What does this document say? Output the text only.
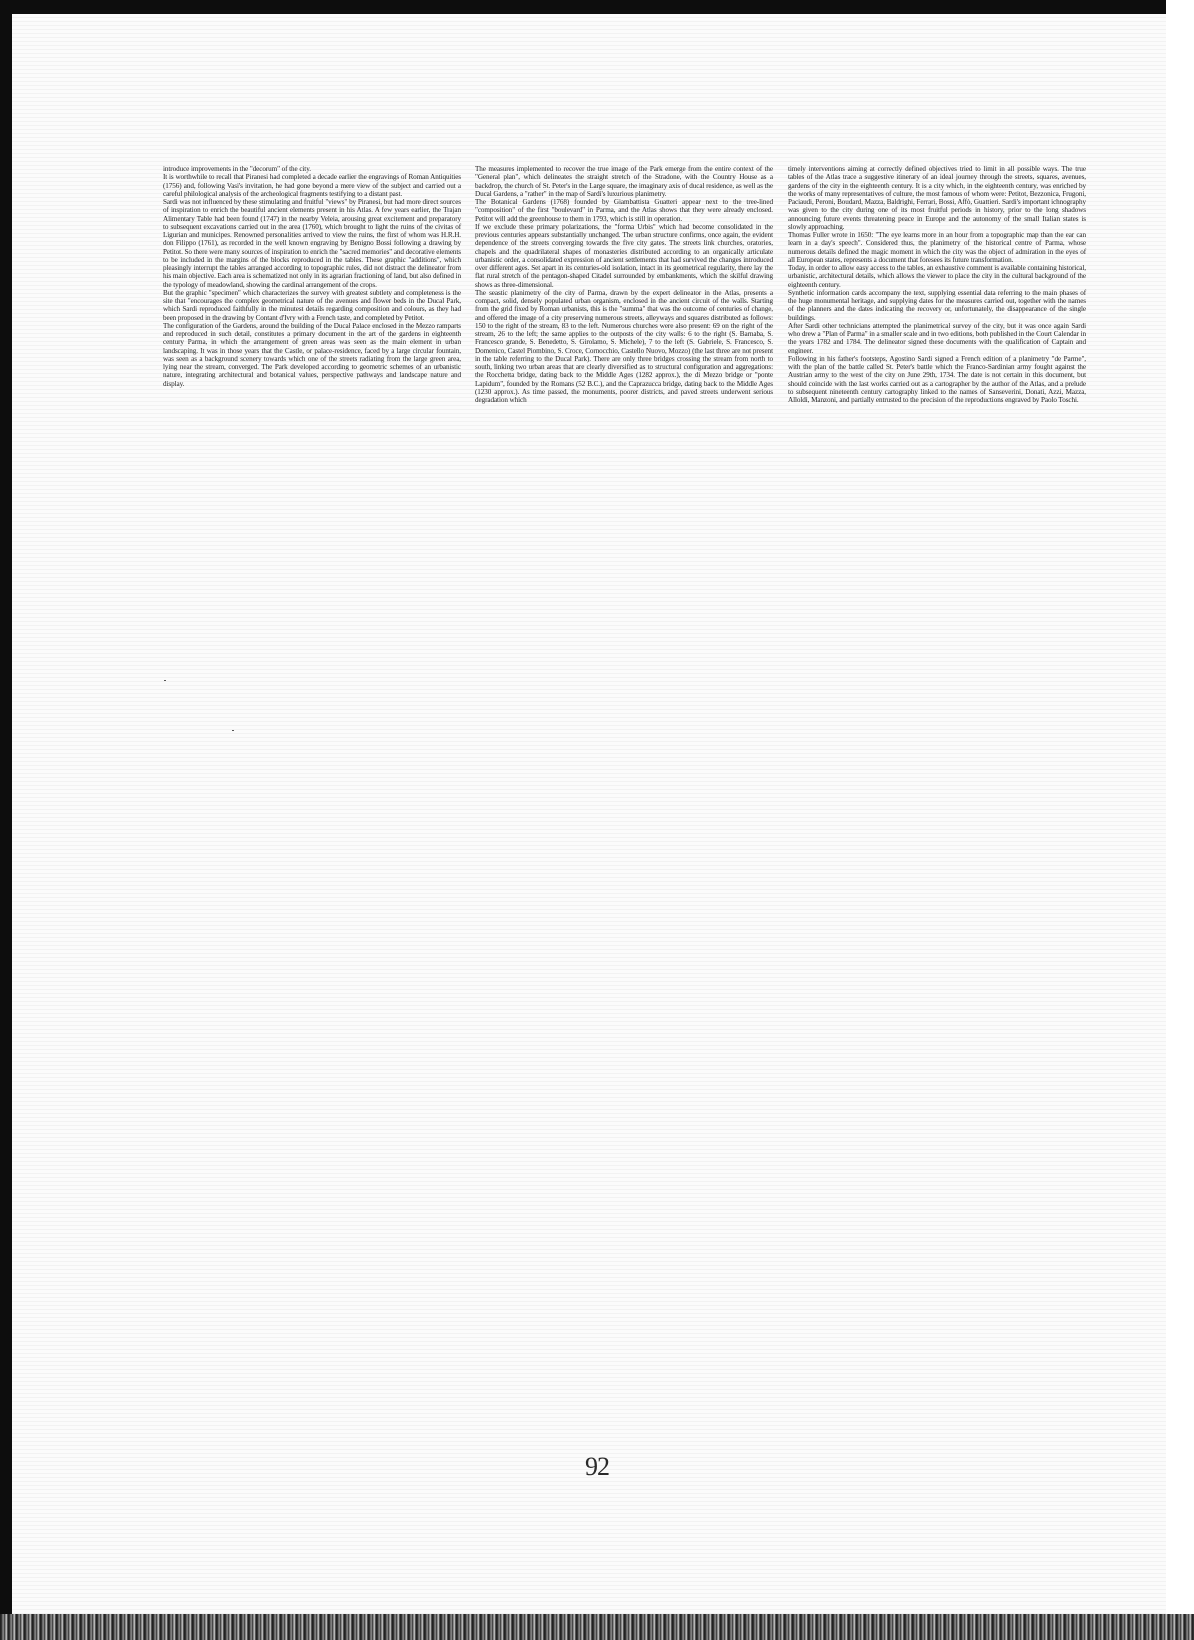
introduce improvements in the "decorum" of the city.

It is worthwhile to recall that Piranesi had completed a decade earlier the engravings of Roman Antiquities (1756) and, following Vasi's invitation, he had gone beyond a mere view of the subject and carried out a careful philological analysis of the archeological fragments testifying to a distant past.

Sardi was not influenced by these stimulating and fruitful "views" by Piranesi, but had more direct sources of inspiration to enrich the beautiful ancient elements present in his Atlas. A few years earlier, the Trajan Alimentary Table had been found (1747) in the nearby Veleia, arousing great excitement and preparatory to subsequent excavations carried out in the area (1760), which brought to light the ruins of the civitas of Ligurian and municipes. Renowned personalities arrived to view the ruins, the first of whom was H.R.H. don Filippo (1761), as recorded in the well known engraving by Benigno Bossi following a drawing by Petitot. So there were many sources of inspiration to enrich the "sacred memories" and decorative elements to be included in the margins of the blocks reproduced in the tables. These graphic "additions", which pleasingly interrupt the tables arranged according to topographic rules, did not distract the delineator from his main objective. Each area is schematized not only in its agrarian fractioning of land, but also defined in the typology of meadowland, showing the cardinal arrangement of the crops.

But the graphic "specimen" which characterizes the survey with greatest subtlety and completeness is the site that "encourages the complex geometrical nature of the avenues and flower beds in the Ducal Park, which Sardi reproduced faithfully in the minutest details regarding composition and colours, as they had been proposed in the drawing by Contant d'Ivry with a French taste, and completed by Petitot.

The configuration of the Gardens, around the building of the Ducal Palace enclosed in the Mezzo ramparts and reproduced in such detail, constitutes a primary document in the art of the gardens in eighteenth century Parma, in which the arrangement of green areas was seen as the main element in urban landscaping. It was in those years that the Castle, or palace-residence, faced by a large circular fountain, was seen as a background scenery towards which one of the streets radiating from the large green area, lying near the stream, converged. The Park developed according to geometric schemes of an urbanistic nature, integrating architectural and botanical values, perspective pathways and landscape nature and display.

The measures implemented to recover the true image of the Park emerge from the entire context of the "General plan", which delineates the straight stretch of the Stradone, with the Country House as a backdrop, the church of St. Peter's in the Large square, the imaginary axis of ducal residence, as well as the Ducal Gardens, a "rather" in the map of Sardi's luxurious planimetry.

The Botanical Gardens (1768) founded by Giambattista Guatteri appear next to the tree-lined "composition" of the first "boulevard" in Parma, and the Atlas shows that they were already enclosed. Petitot will add the greenhouse to them in 1793, which is still in operation.

If we exclude these primary polarizations, the "forma Urbis" which had become consolidated in the previous centuries appears substantially unchanged. The urban structure confirms, once again, the evident dependence of the streets converging towards the five city gates. The streets link churches, oratories, chapels and the quadrilateral shapes of monasteries distributed according to an organically articulate urbanistic order, a consolidated expression of ancient settlements that had survived the changes introduced over different ages. Set apart in its centuries-old isolation, intact in its geometrical regularity, there lay the flat rural stretch of the pentagon-shaped Citadel surrounded by embankments, which the skilful drawing shows as three-dimensional.

The seastic planimetry of the city of Parma, drawn by the expert delineator in the Atlas, presents a compact, solid, densely populated urban organism, enclosed in the ancient circuit of the walls. Starting from the grid fixed by Roman urbanists, this is the "summa" that was the outcome of centuries of change, and offered the image of a city preserving numerous streets, alleyways and squares distributed as follows: 150 to the right of the stream, 83 to the left. Numerous churches were also present: 69 on the right of the stream, 26 to the left; the same applies to the outposts of the city walls: 6 to the right (S. Barnaba, S. Francesco grande, S. Benedetto, S. Girolamo, S. Michele), 7 to the left (S. Gabriele, S. Francesco, S. Domenico, Castel Piombino, S. Croce, Cornocchio, Castello Nuovo, Mozzo) (the last three are not present in the table referring to the Ducal Park). There are only three bridges crossing the stream from north to south, linking two urban areas that are clearly diversified as to structural configuration and aggregations: the Rocchetta bridge, dating back to the Middle Ages (1282 approx.), the di Mezzo bridge or "ponte Lapidum", founded by the Romans (52 B.C.), and the Caprazucca bridge, dating back to the Middle Ages (1230 approx.). As time passed, the monuments, poorer districts, and paved streets underwent serious degradation which

timely interventions aiming at correctly defined objectives tried to limit in all possible ways. The true tables of the Atlas trace a suggestive itinerary of an ideal journey through the streets, squares, avenues, gardens of the city in the eighteenth century. It is a city which, in the eighteenth century, was enriched by the works of many representatives of culture, the most famous of whom were: Petitot, Bezzonica, Frugoni, Paciaudi, Peroni, Boudard, Mazza, Baldrighi, Ferrari, Bossi, Affò, Guattieri. Sardi's important ichnography was given to the city during one of its most fruitful periods in history, prior to the long shadows announcing future events threatening peace in Europe and the autonomy of the small Italian states is slowly approaching.

Thomas Fuller wrote in 1650: "The eye learns more in an hour from a topographic map than the ear can learn in a day's speech". Considered thus, the planimetry of the historical centre of Parma, whose numerous details defined the magic moment in which the city was the object of admiration in the eyes of all European states, represents a document that foresees its future transformation.

Today, in order to allow easy access to the tables, an exhaustive comment is available containing historical, urbanistic, architectural details, which allows the viewer to place the city in the cultural background of the eighteenth century.

Synthetic information cards accompany the text, supplying essential data referring to the main phases of the huge monumental heritage, and supplying dates for the measures carried out, together with the names of the planners and the dates indicating the recovery or, unfortunately, the disappearance of the single buildings.

After Sardi other technicians attempted the planimetrical survey of the city, but it was once again Sardi who drew a "Plan of Parma" in a smaller scale and in two editions, both published in the Court Calendar in the years 1782 and 1784. The delineator signed these documents with the qualification of Captain and engineer.

Following in his father's footsteps, Agostino Sardi signed a French edition of a planimetry "de Parme", with the plan of the battle called St. Peter's battle which the Franco-Sardinian army fought against the Austrian army to the west of the city on June 29th, 1734. The date is not certain in this document, but should coincide with the last works carried out as a cartographer by the author of the Atlas, and a prelude to subsequent nineteenth century cartography linked to the names of Sanseverini, Donati, Azzi, Mazza, Alloldi, Manzoni, and partially entrusted to the precision of the reproductions engraved by Paolo Toschi.

92
